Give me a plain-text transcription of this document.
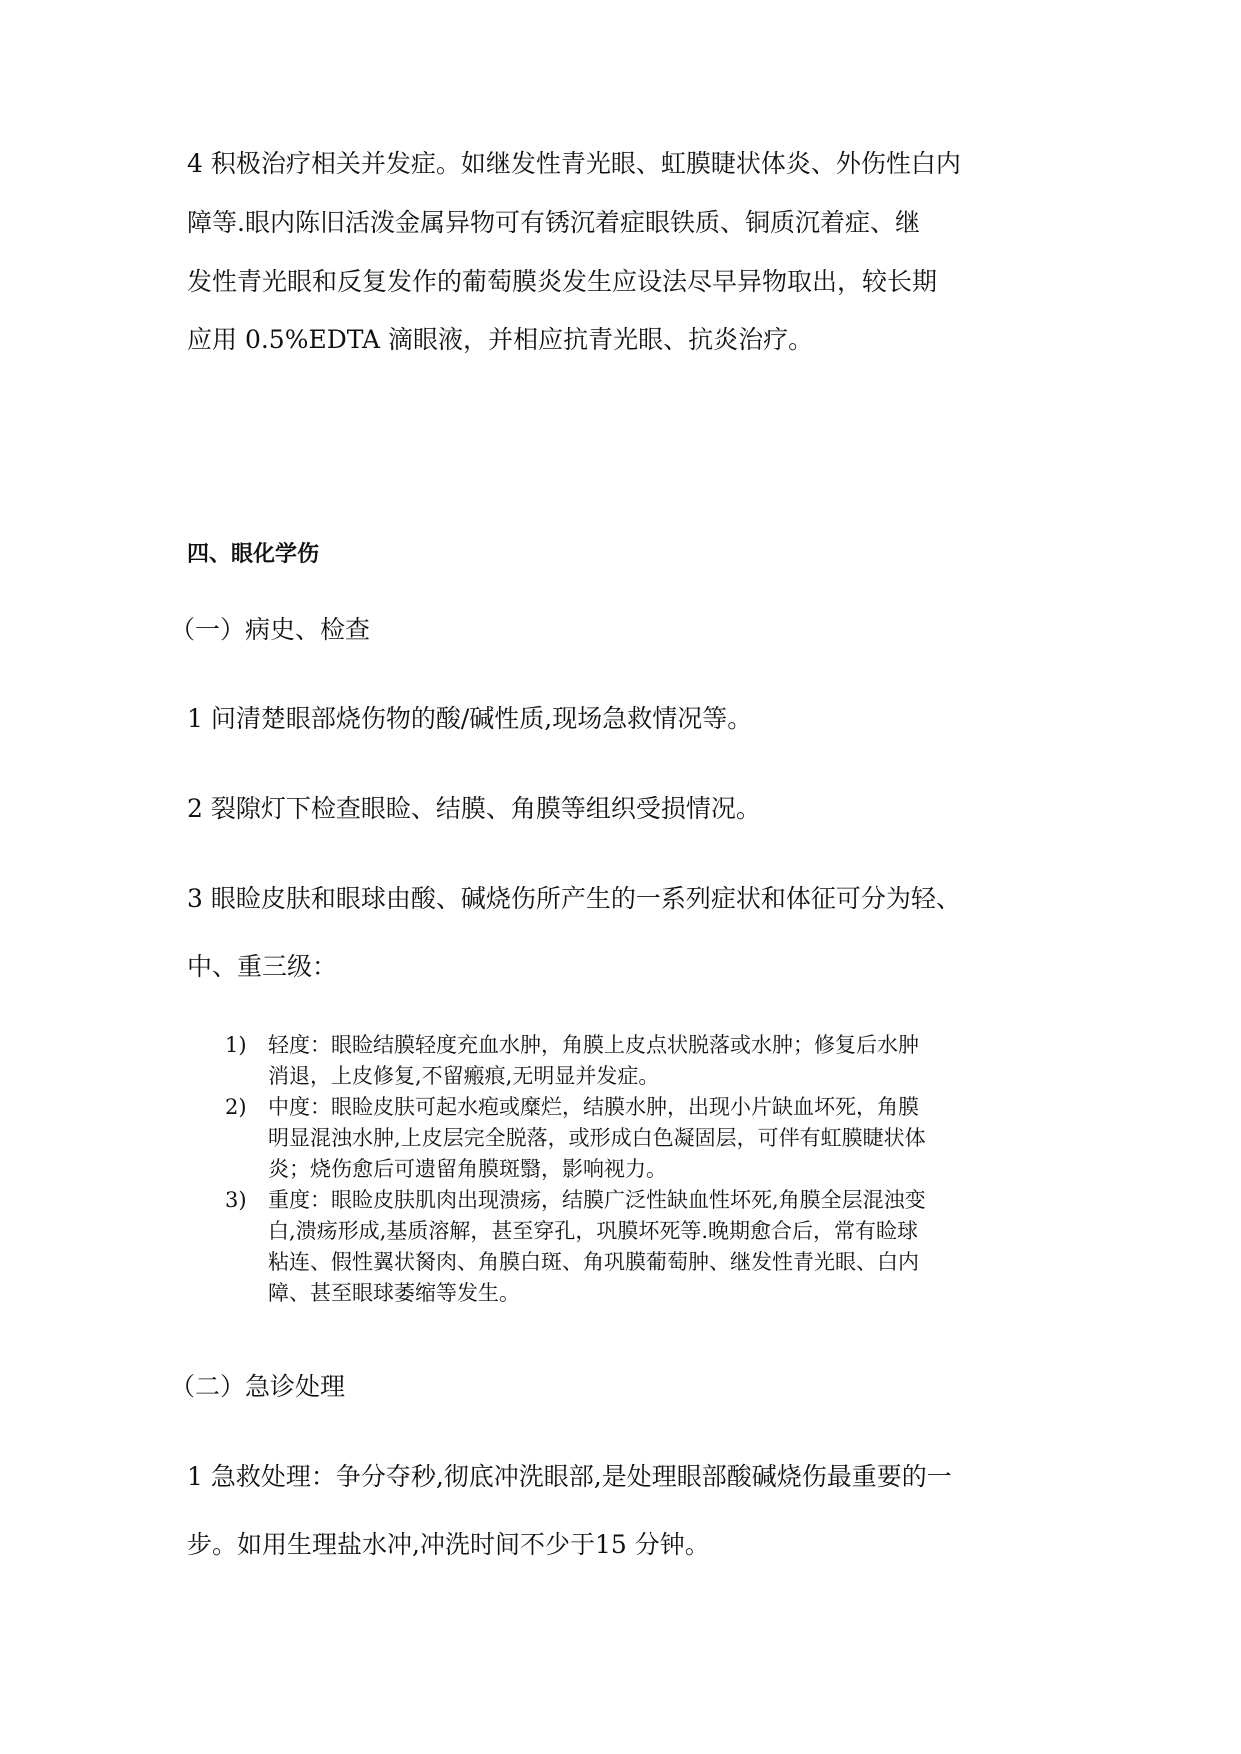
4 积极治疗相关并发症。如继发性青光眼、虹膜睫状体炎、外伤性白内
障等.眼内陈旧活泼金属异物可有锈沉着症眼铁质、铜质沉着症、继
发性青光眼和反复发作的葡萄膜炎发生应设法尽早异物取出，较长期
应用 0.5%EDTA 滴眼液，并相应抗青光眼、抗炎治疗。
四、眼化学伤
（一）病史、检查
1 问清楚眼部烧伤物的酸/碱性质,现场急救情况等。
2 裂隙灯下检查眼睑、结膜、角膜等组织受损情况。
3 眼睑皮肤和眼球由酸、碱烧伤所产生的一系列症状和体征可分为轻、
中、重三级：
1) 轻度：眼睑结膜轻度充血水肿，角膜上皮点状脱落或水肿；修复后水肿
消退，上皮修复,不留瘢痕,无明显并发症。
2) 中度：眼睑皮肤可起水疱或糜烂，结膜水肿，出现小片缺血坏死，角膜
明显混浊水肿,上皮层完全脱落，或形成白色凝固层，可伴有虹膜睫状体
炎；烧伤愈后可遗留角膜斑翳，影响视力。
3) 重度：眼睑皮肤肌肉出现溃疡，结膜广泛性缺血性坏死,角膜全层混浊变
白,溃疡形成,基质溶解，甚至穿孔，巩膜坏死等.晚期愈合后，常有睑球
粘连、假性翼状胬肉、角膜白斑、角巩膜葡萄肿、继发性青光眼、白内
障、甚至眼球萎缩等发生。
（二）急诊处理
1 急救处理：争分夺秒,彻底冲洗眼部,是处理眼部酸碱烧伤最重要的一
步。如用生理盐水冲,冲洗时间不少于15 分钟。
